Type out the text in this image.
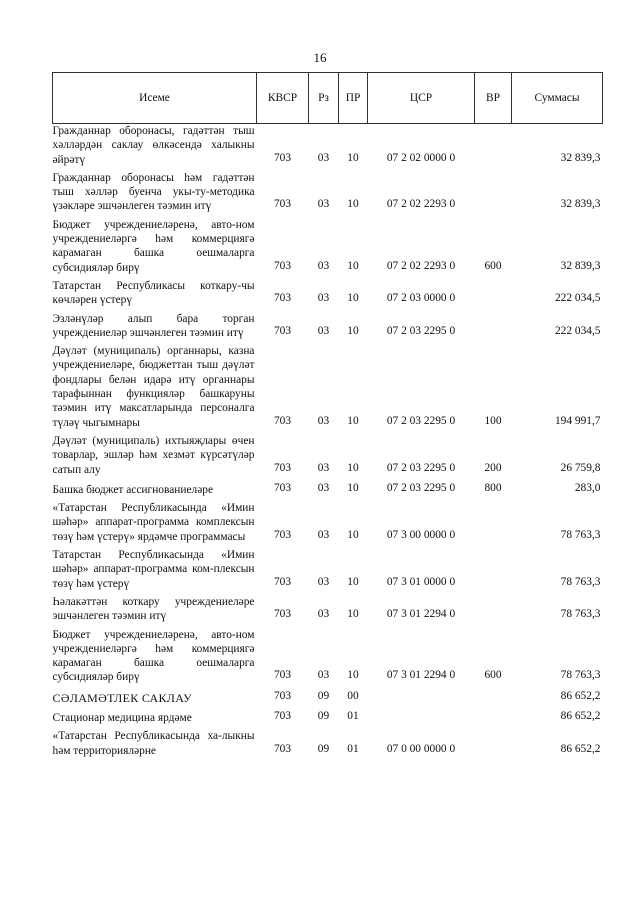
16
Исеме	КВСР	Рз	ПР	ЦСР	ВР	Суммасы
Гражданнар оборонасы, гадәттән тыш хәлләрдән саклау өлкәсендә халыкны әйрәтү	703	03	10	07 2 02 0000 0		32 839,3
Гражданнар оборонасы һәм гадәттән тыш хәлләр буенча укы-ту-методика үзәкләре эшчәнлеген тәэмин итү	703	03	10	07 2 02 2293 0		32 839,3
Бюджет учреждениеләренә, авто-ном учреждениеләргә һәм коммерциягә карамаган башка оешмаларга субсидияләр бирү	703	03	10	07 2 02 2293 0	600	32 839,3
Татарстан Республикасы коткару-чы көчләрен үстерү	703	03	10	07 2 03 0000 0		222 034,5
Эзләнүләр алып бара торган учреждениеләр эшчәнлеген тәэмин итү	703	03	10	07 2 03 2295 0		222 034,5
Дәүләт (муниципаль) органнары, казна учреждениеләре, бюджеттан тыш дәүләт фондлары белән идарә итү органнары тарафыннан функцияләр башкаруны тәэмин итү максатларында персоналга түләү чыгымнары	703	03	10	07 2 03 2295 0	100	194 991,7
Дәүләт (муниципаль) ихтыяҗлары өчен товарлар, эшләр һәм хезмәт күрсәтүләр сатып алу	703	03	10	07 2 03 2295 0	200	26 759,8
Башка бюджет ассигнованиеләре	703	03	10	07 2 03 2295 0	800	283,0
«Татарстан Республикасында «Имин шәһәр» аппарат-программа комплексын төзү һәм үстерү» ярдәмче программасы	703	03	10	07 3 00 0000 0		78 763,3
Татарстан Республикасында «Имин шәһәр» аппарат-программа ком-плексын төзү һәм үстерү	703	03	10	07 3 01 0000 0		78 763,3
Һәлакәттән коткару учреждениеләре эшчәнлеген тәэмин итү	703	03	10	07 3 01 2294 0		78 763,3
Бюджет учреждениеләренә, авто-ном учреждениеләргә һәм коммерциягә карамаган башка оешмаларга субсидияләр бирү	703	03	10	07 3 01 2294 0	600	78 763,3
СӘЛАМӘТЛЕК САКЛАУ	703	09	00			86 652,2
Стационар медицина ярдәме	703	09	01			86 652,2
«Татарстан Республикасында ха-лыкны һәм территорияләрне	703	09	01	07 0 00 0000 0		86 652,2
